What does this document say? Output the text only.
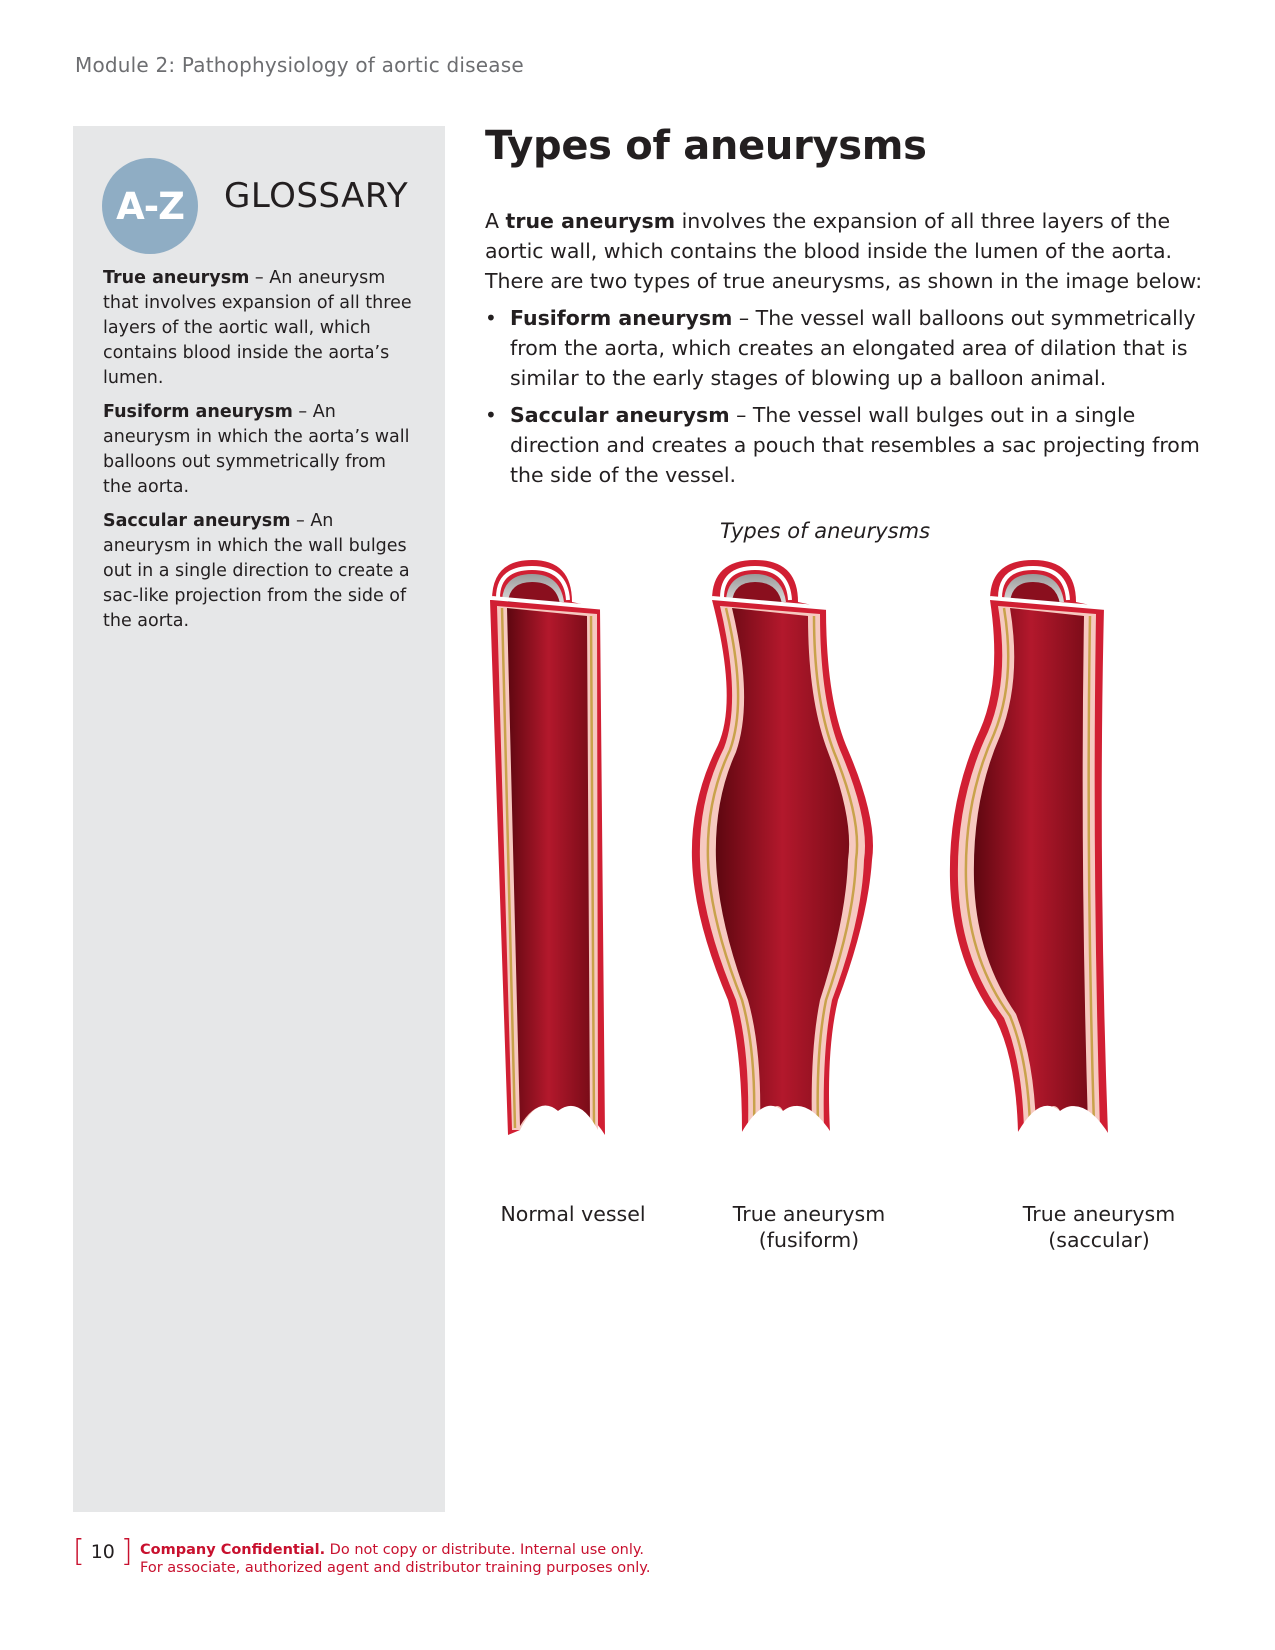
Module 2: Pathophysiology of aortic disease
A-Z	GLOSSARY
True aneurysm – An aneurysm that involves expansion of all three layers of the aortic wall, which contains blood inside the aorta’s lumen.
Fusiform aneurysm – An aneurysm in which the aorta’s wall balloons out symmetrically from the aorta.
Saccular aneurysm – An aneurysm in which the wall bulges out in a single direction to create a sac-like projection from the side of the aorta.
Types of aneurysms

A true aneurysm involves the expansion of all three layers of the aortic wall, which contains the blood inside the lumen of the aorta. There are two types of true aneurysms, as shown in the image below:

• Fusiform aneurysm – The vessel wall balloons out symmetrically from the aorta, which creates an elongated area of dilation that is similar to the early stages of blowing up a balloon animal.
• Saccular aneurysm – The vessel wall bulges out in a single direction and creates a pouch that resembles a sac projecting from the side of the vessel.
Types of aneurysms
Normal vessel	True aneurysm
(fusiform)
True aneurysm
(saccular)
[ 10 ] Company Confidential. Do not copy or distribute. Internal use only.
For associate, authorized agent and distributor training purposes only.
